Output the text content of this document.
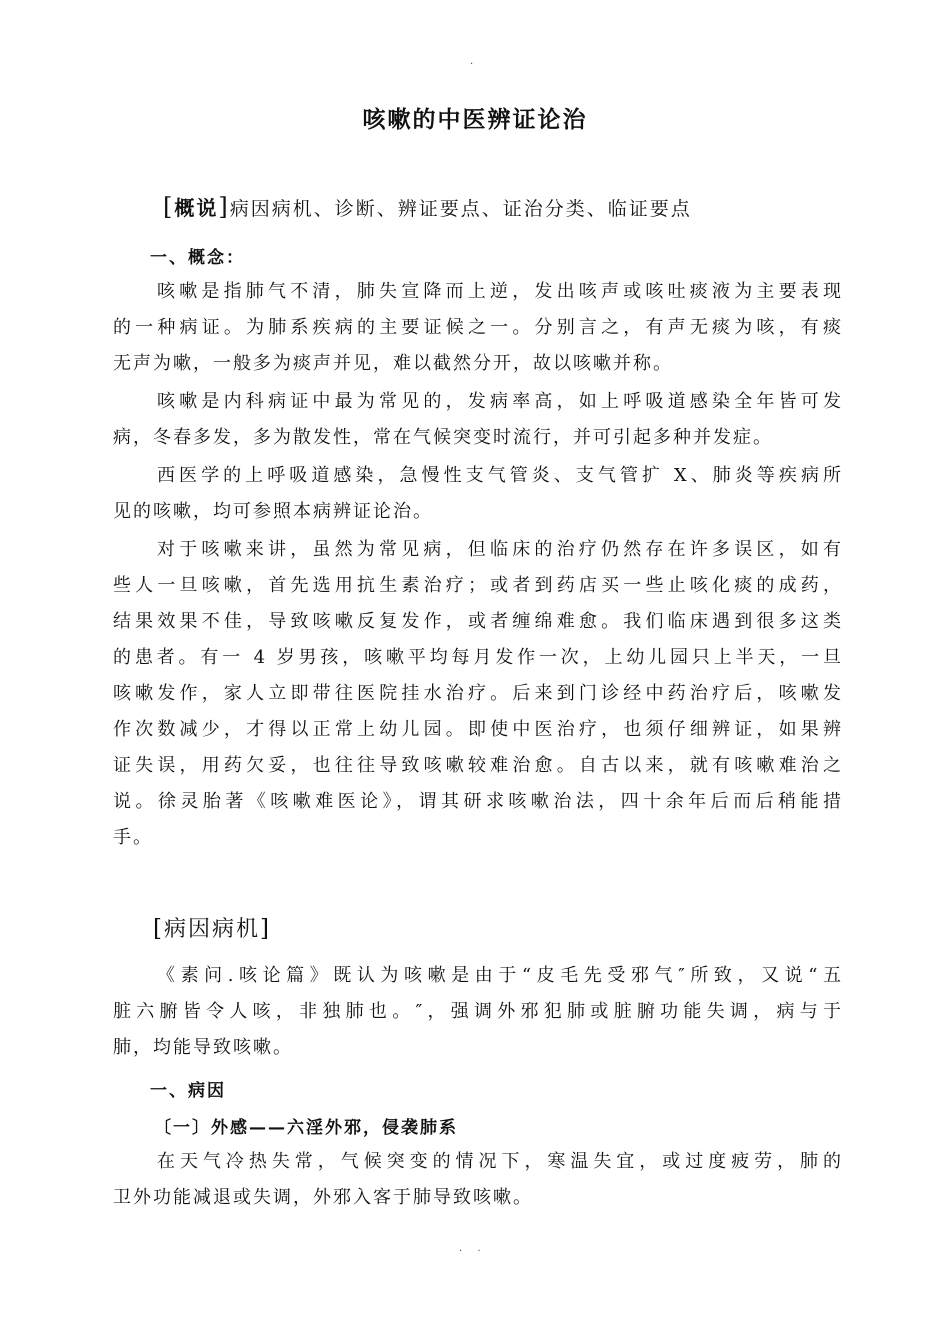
.
咳嗽的中医辨证论治
[概说]病因病机、诊断、辨证要点、证治分类、临证要点
一、概念：
咳嗽是指肺气不清，肺失宣降而上逆，发出咳声或咳吐痰液为主要表现
的一种病证。为肺系疾病的主要证候之一。分别言之，有声无痰为咳，有痰
无声为嗽，一般多为痰声并见，难以截然分开，故以咳嗽并称。
咳嗽是内科病证中最为常见的，发病率高，如上呼吸道感染全年皆可发
病，冬春多发，多为散发性，常在气候突变时流行，并可引起多种并发症。
西医学的上呼吸道感染，急慢性支气管炎、支气管扩 X、肺炎等疾病所
见的咳嗽，均可参照本病辨证论治。
对于咳嗽来讲，虽然为常见病，但临床的治疗仍然存在许多误区，如有
些人一旦咳嗽，首先选用抗生素治疗；或者到药店买一些止咳化痰的成药，
结果效果不佳，导致咳嗽反复发作，或者缠绵难愈。我们临床遇到很多这类
的患者。有一 4 岁男孩，咳嗽平均每月发作一次，上幼儿园只上半天，一旦
咳嗽发作，家人立即带往医院挂水治疗。后来到门诊经中药治疗后，咳嗽发
作次数减少，才得以正常上幼儿园。即使中医治疗，也须仔细辨证，如果辨
证失误，用药欠妥，也往往导致咳嗽较难治愈。自古以来，就有咳嗽难治之
说。徐灵胎著《咳嗽难医论》，谓其研求咳嗽治法，四十余年后而后稍能措
手。
[病因病机]
《素问.咳论篇》既认为咳嗽是由于“皮毛先受邪气″所致，又说“五
脏六腑皆令人咳，非独肺也。″，强调外邪犯肺或脏腑功能失调，病与于
肺，均能导致咳嗽。
一、病因
〔一〕外感——六淫外邪，侵袭肺系
在天气冷热失常，气候突变的情况下，寒温失宜，或过度疲劳，肺的
卫外功能减退或失调，外邪入客于肺导致咳嗽。
. .
